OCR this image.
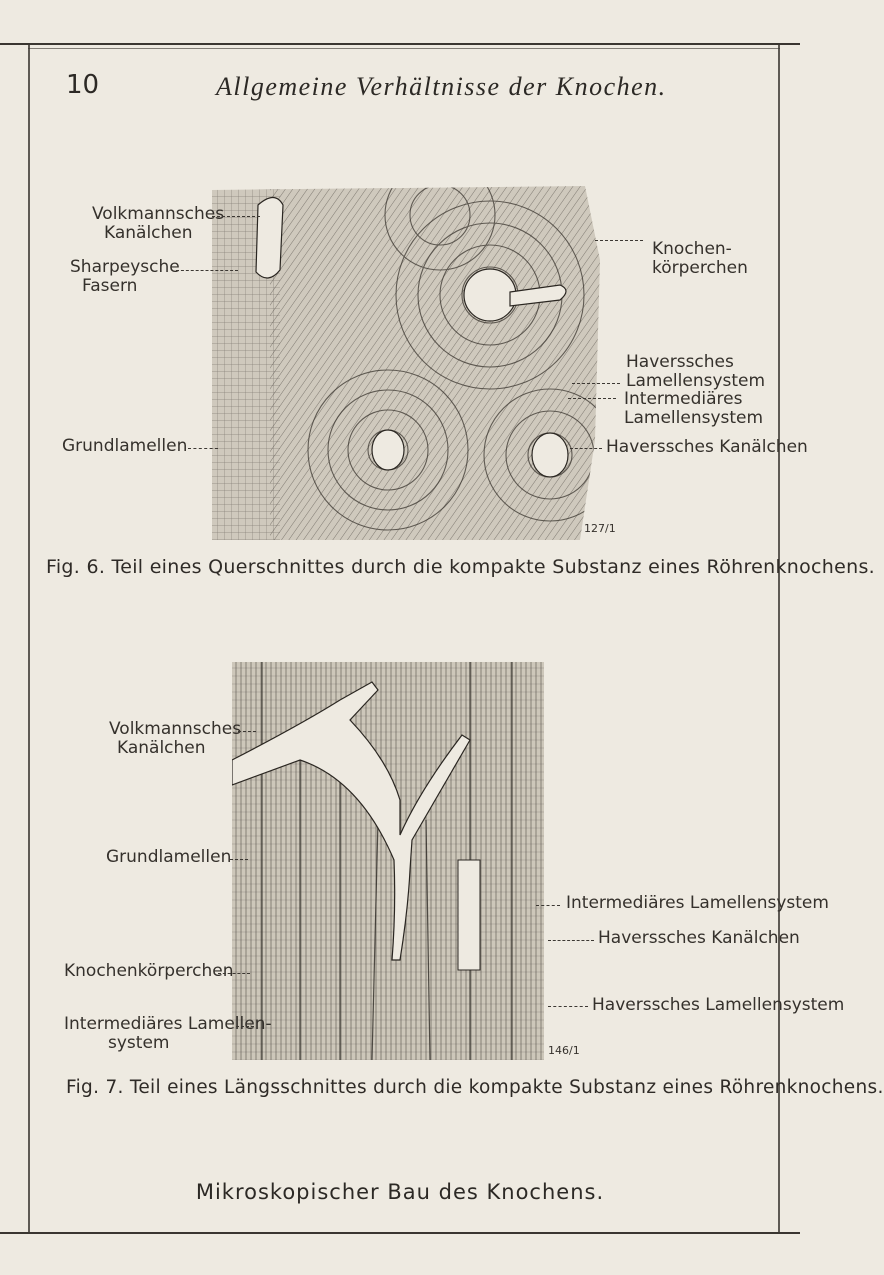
10	Allgemeine Verhältnisse der Knochen.
Volkmannsches
Kanälchen
Sharpeysche
Fasern
Grundlamellen
Knochen-
körperchen
Haverssches
Lamellensystem
Intermediäres
Lamellensystem
Haverssches Kanälchen
127/1
Fig. 6. Teil eines Querschnittes durch die kompakte Substanz eines Röhrenknochens.
Volkmannsches
Kanälchen
Grundlamellen
Knochenkörperchen
Intermediäres Lamellen-
system
Intermediäres Lamellensystem
Haverssches Kanälchen
Haverssches Lamellensystem
146/1
Fig. 7. Teil eines Längsschnittes durch die kompakte Substanz eines Röhrenknochens.
Mikroskopischer Bau des Knochens.
